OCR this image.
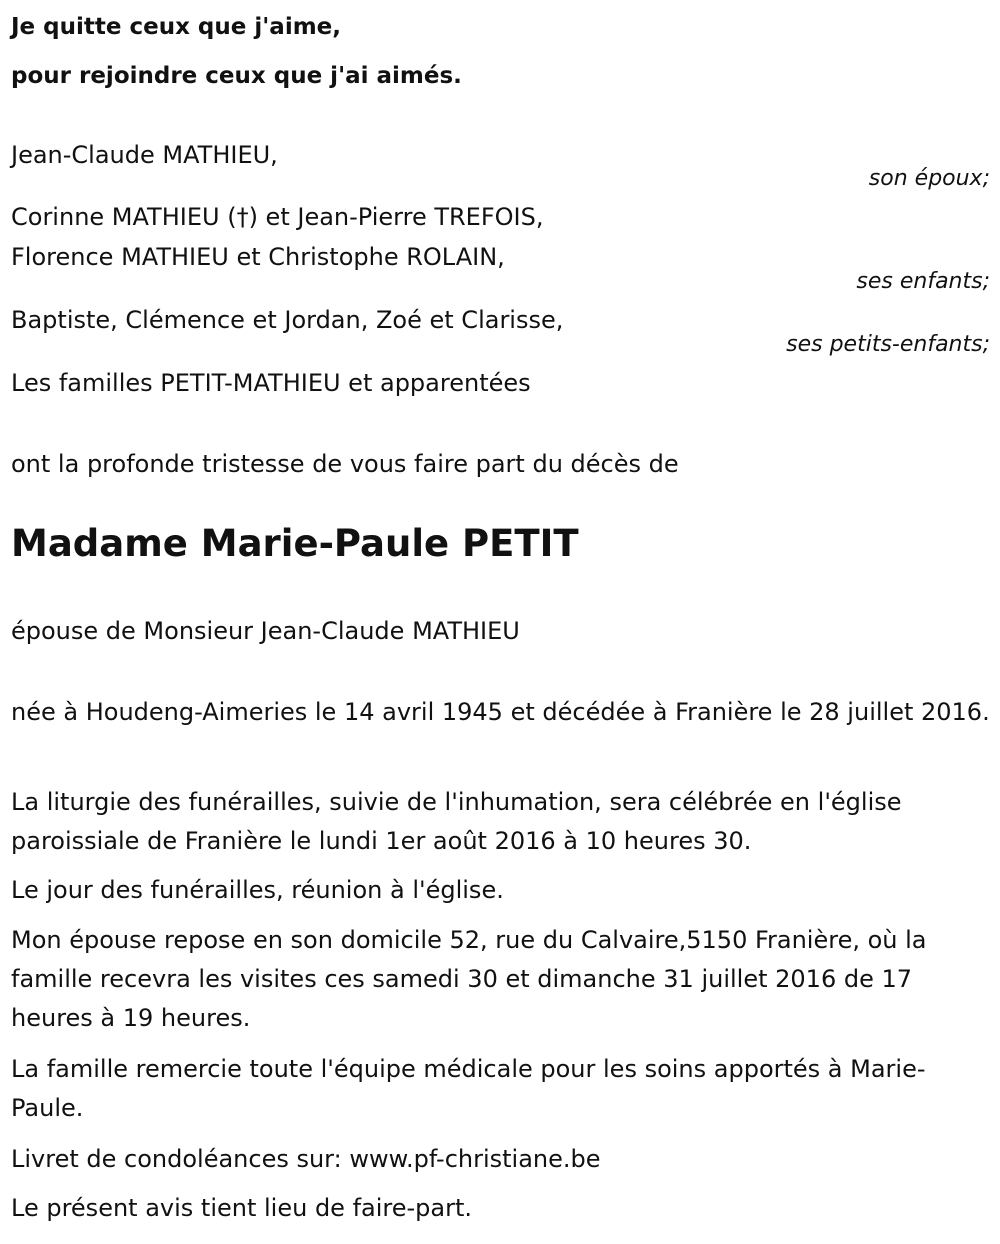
Je quitte ceux que j'aime,
pour rejoindre ceux que j'ai aimés.
Jean-Claude MATHIEU,
son époux;
Corinne MATHIEU (†) et Jean-Pierre TREFOIS,
Florence MATHIEU et Christophe ROLAIN,
ses enfants;
Baptiste, Clémence et Jordan, Zoé et Clarisse,
ses petits-enfants;
Les familles PETIT-MATHIEU et apparentées
ont la profonde tristesse de vous faire part du décès de
Madame Marie-Paule PETIT
épouse de Monsieur Jean-Claude MATHIEU
née à Houdeng-Aimeries le 14 avril 1945 et décédée à Franière le 28 juillet 2016.
La liturgie des funérailles, suivie de l'inhumation, sera célébrée en l'église paroissiale de Franière le lundi 1er août 2016 à 10 heures 30.
Le jour des funérailles, réunion à l'église.
Mon épouse repose en son domicile 52, rue du Calvaire,5150 Franière, où la famille recevra les visites ces samedi 30 et dimanche 31 juillet 2016 de 17 heures à 19 heures.
La famille remercie toute l'équipe médicale pour les soins apportés à Marie-Paule.
Livret de condoléances sur: www.pf-christiane.be
Le présent avis tient lieu de faire-part.
